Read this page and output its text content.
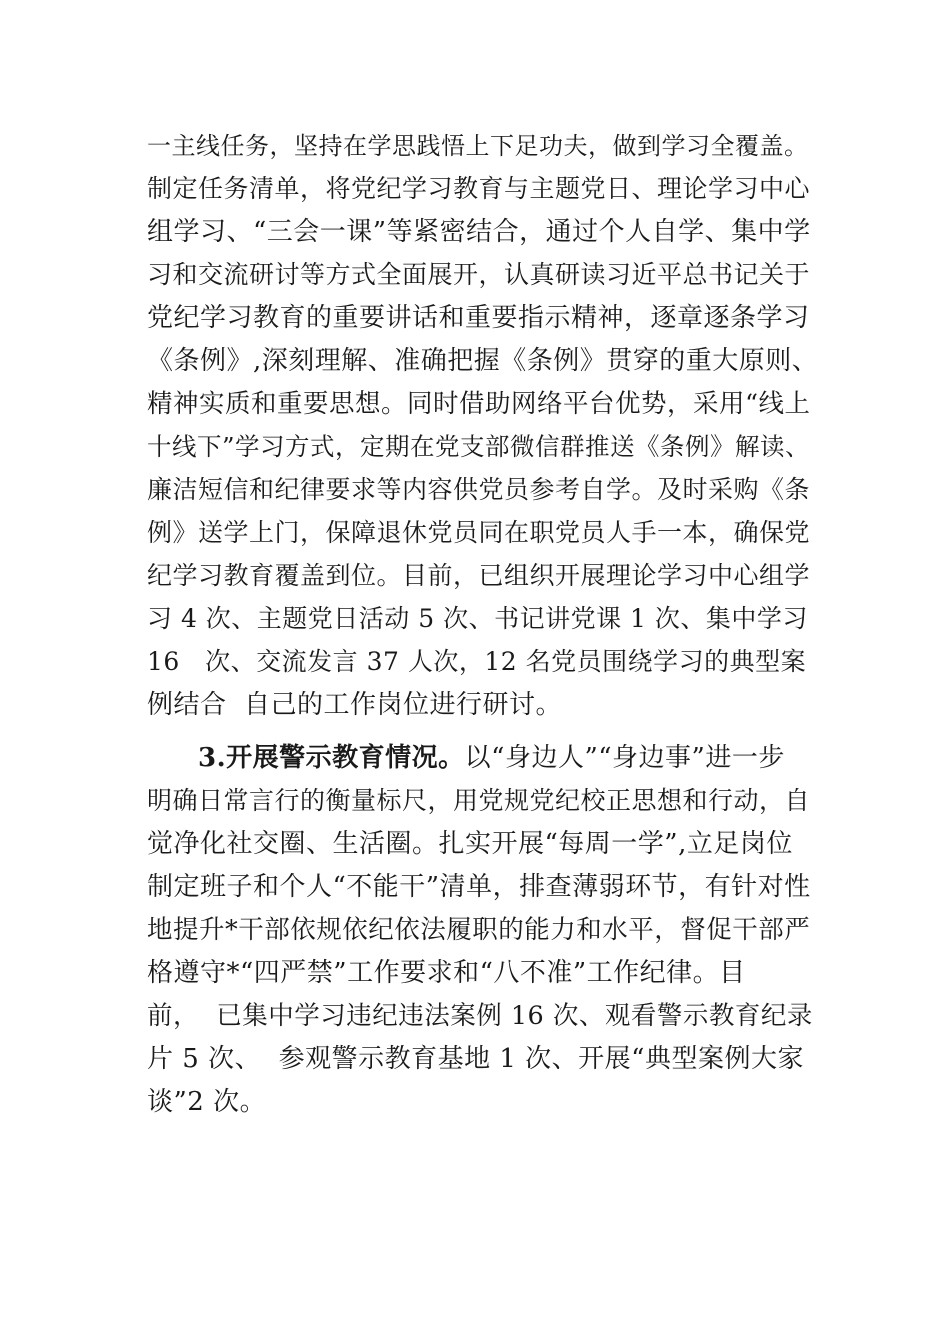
一主线任务，坚持在学思践悟上下足功夫，做到学习全覆盖。
制定任务清单，将党纪学习教育与主题党日、理论学习中心
组学习、“三会一课”等紧密结合，通过个人自学、集中学
习和交流研讨等方式全面展开，认真研读习近平总书记关于
党纪学习教育的重要讲话和重要指示精神，逐章逐条学习
《条例》,深刻理解、准确把握《条例》贯穿的重大原则、
精神实质和重要思想。同时借助网络平台优势，采用“线上
十线下”学习方式，定期在党支部微信群推送《条例》解读、
廉洁短信和纪律要求等内容供党员参考自学。及时采购《条
例》送学上门，保障退休党员同在职党员人手一本，确保党
纪学习教育覆盖到位。目前，已组织开展理论学习中心组学
习 4 次、主题党日活动 5 次、书记讲党课 1 次、集中学习
16   次、交流发言 37 人次，12 名党员围绕学习的典型案
例结合  自己的工作岗位进行研讨。
3.开展警示教育情况。以“身边人”“身边事”进一步
明确日常言行的衡量标尺，用党规党纪校正思想和行动，自
觉净化社交圈、生活圈。扎实开展“每周一学”,立足岗位
制定班子和个人“不能干”清单，排查薄弱环节，有针对性
地提升*干部依规依纪依法履职的能力和水平，督促干部严
格遵守*“四严禁”工作要求和“八不准”工作纪律。目
前，  已集中学习违纪违法案例 16 次、观看警示教育纪录
片 5 次、  参观警示教育基地 1 次、开展“典型案例大家
谈”2 次。
